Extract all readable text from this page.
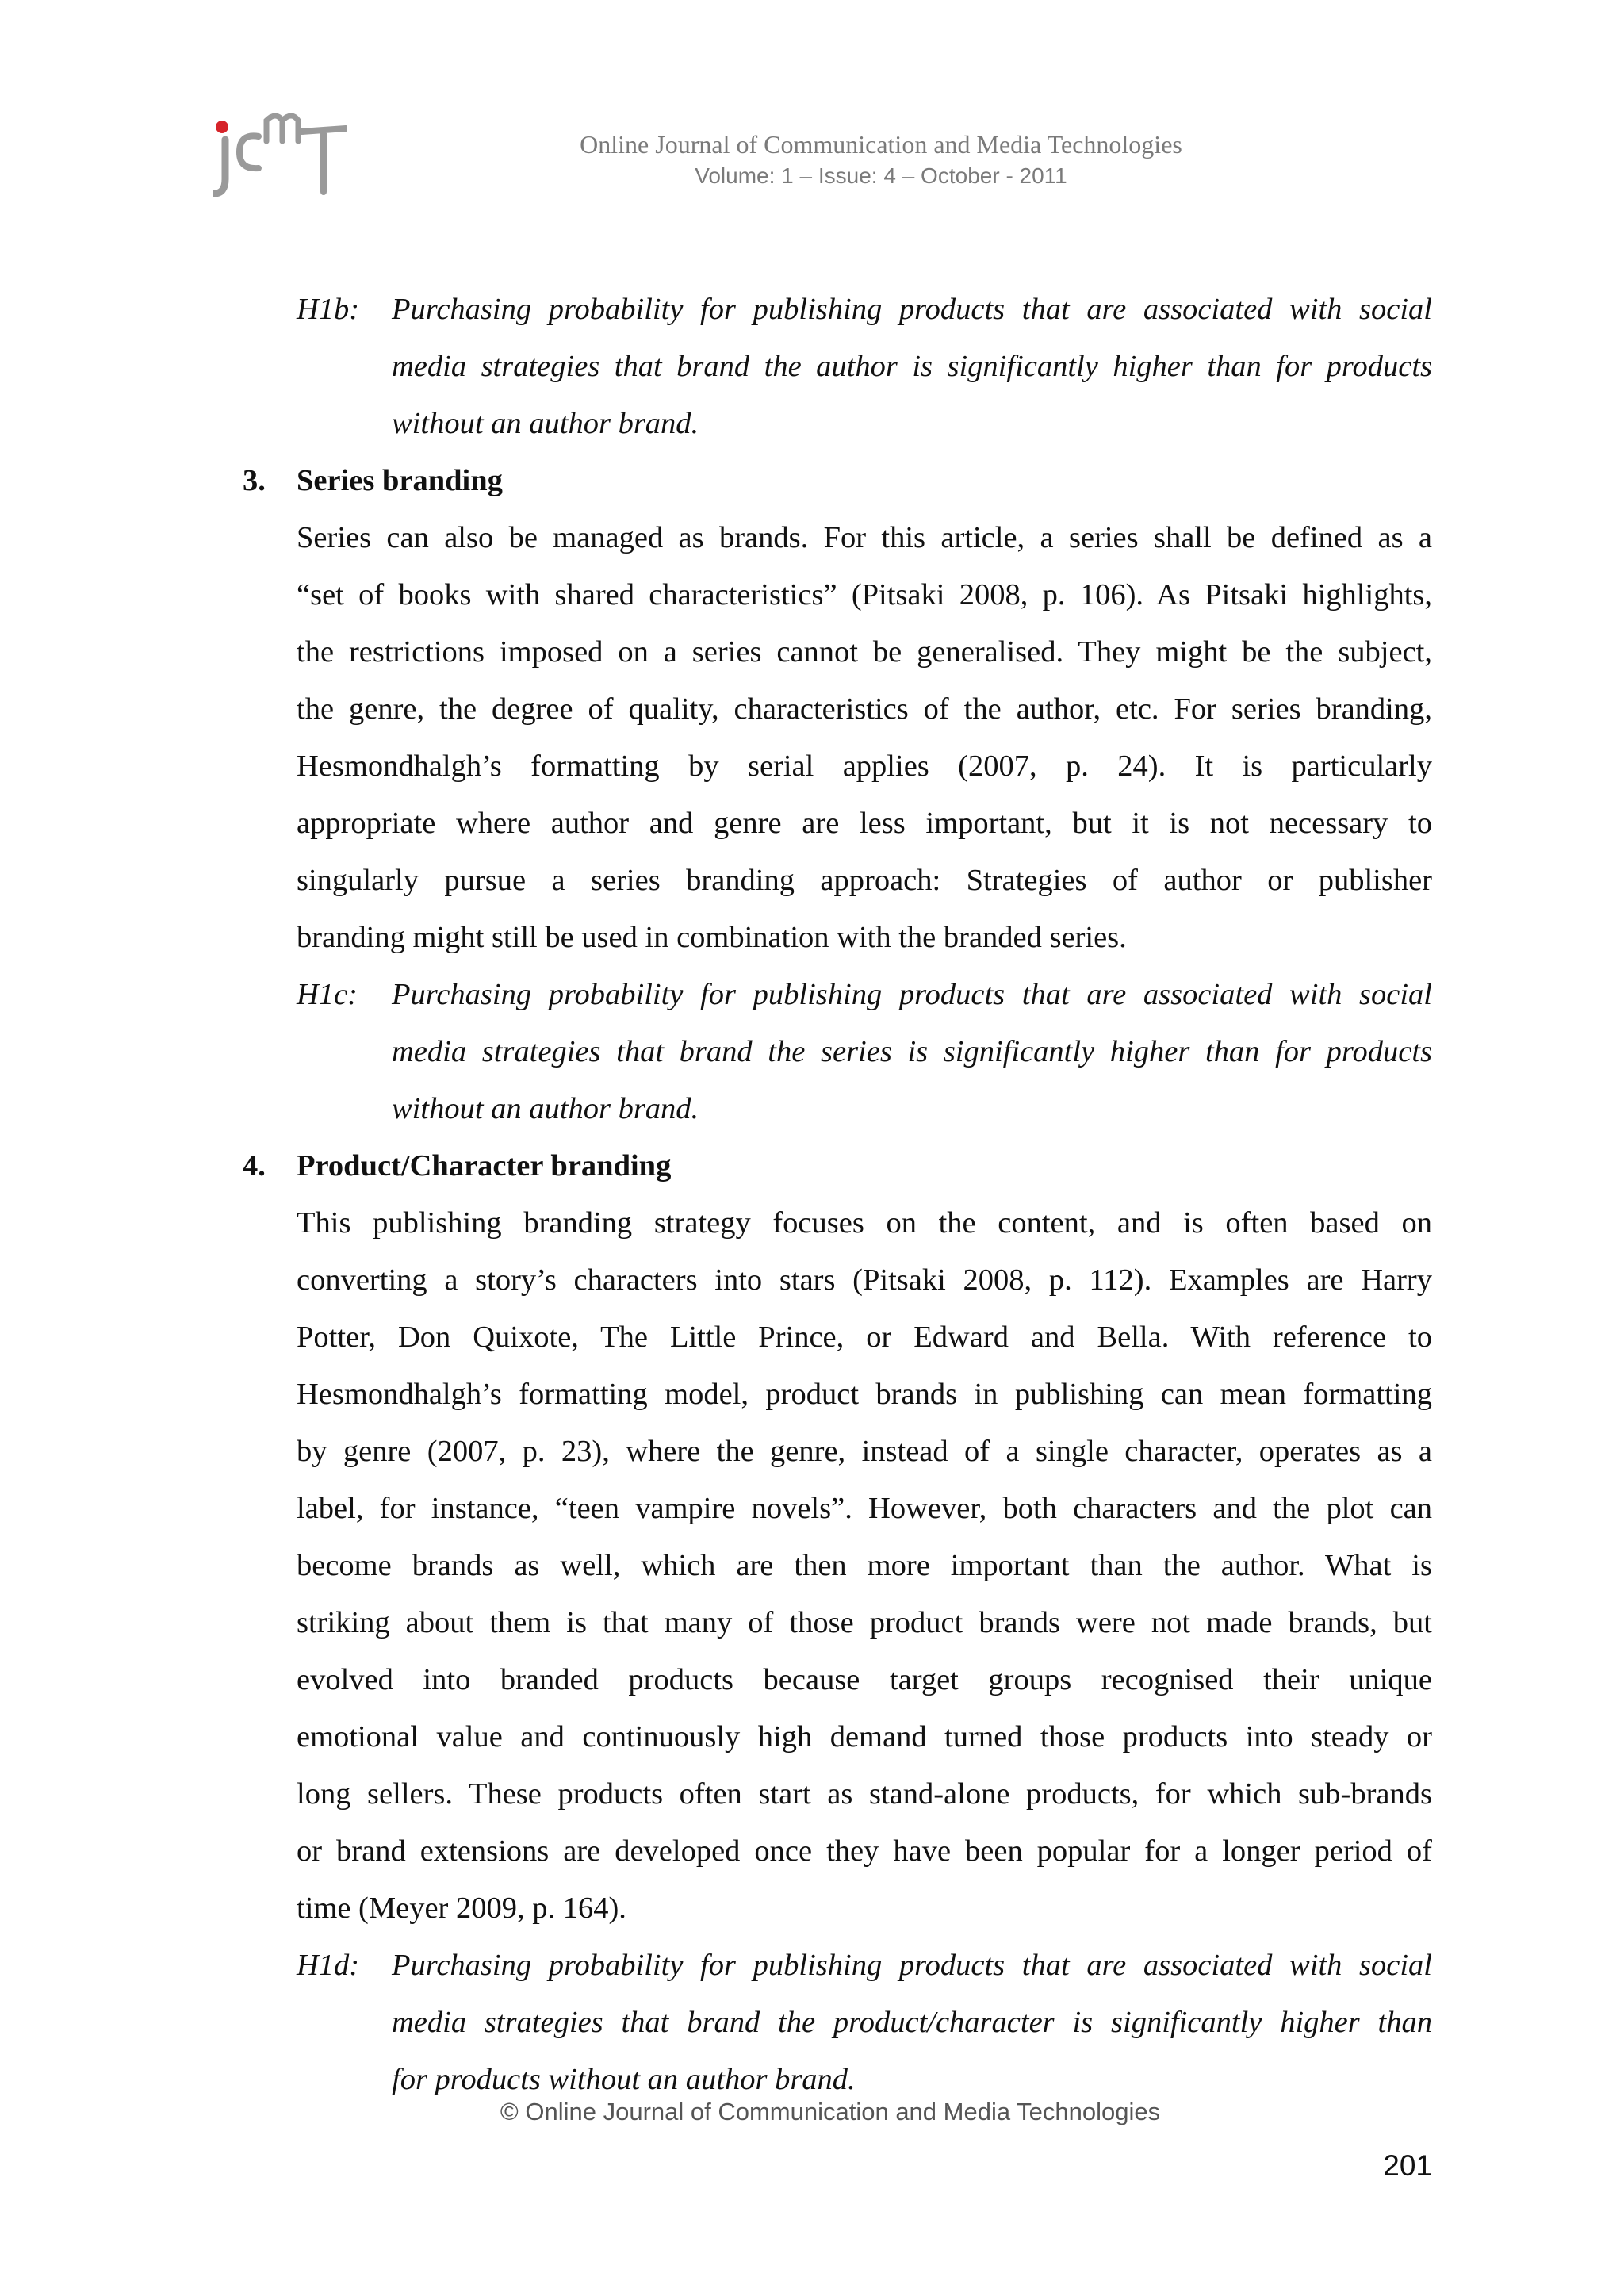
Online Journal of Communication and Media Technologies
Volume: 1 – Issue: 4 – October - 2011
H1b:	Purchasing probability for publishing products that are associated with social
media strategies that brand the author is significantly higher than for products
without an author brand.
3.	Series branding
Series can also be managed as brands. For this article, a series shall be defined as a
“set of books with shared characteristics” (Pitsaki 2008, p. 106). As Pitsaki highlights,
the restrictions imposed on a series cannot be generalised. They might be the subject,
the genre, the degree of quality, characteristics of the author, etc. For series branding,
Hesmondhalgh’s formatting by serial applies (2007, p. 24). It is particularly
appropriate where author and genre are less important, but it is not necessary to
singularly pursue a series branding approach: Strategies of author or publisher
branding might still be used in combination with the branded series.
H1c:	Purchasing probability for publishing products that are associated with social
media strategies that brand the series is significantly higher than for products
without an author brand.
4.	Product/Character branding
This publishing branding strategy focuses on the content, and is often based on
converting a story’s characters into stars (Pitsaki 2008, p. 112). Examples are Harry
Potter, Don Quixote, The Little Prince, or Edward and Bella. With reference to
Hesmondhalgh’s formatting model, product brands in publishing can mean formatting
by genre (2007, p. 23), where the genre, instead of a single character, operates as a
label, for instance, “teen vampire novels”. However, both characters and the plot can
become brands as well, which are then more important than the author. What is
striking about them is that many of those product brands were not made brands, but
evolved into branded products because target groups recognised their unique
emotional value and continuously high demand turned those products into steady or
long sellers. These products often start as stand-alone products, for which sub-brands
or brand extensions are developed once they have been popular for a longer period of
time (Meyer 2009, p. 164).
H1d:	Purchasing probability for publishing products that are associated with social
media strategies that brand the product/character is significantly higher than
for products without an author brand.
© Online Journal of Communication and Media Technologies
201
